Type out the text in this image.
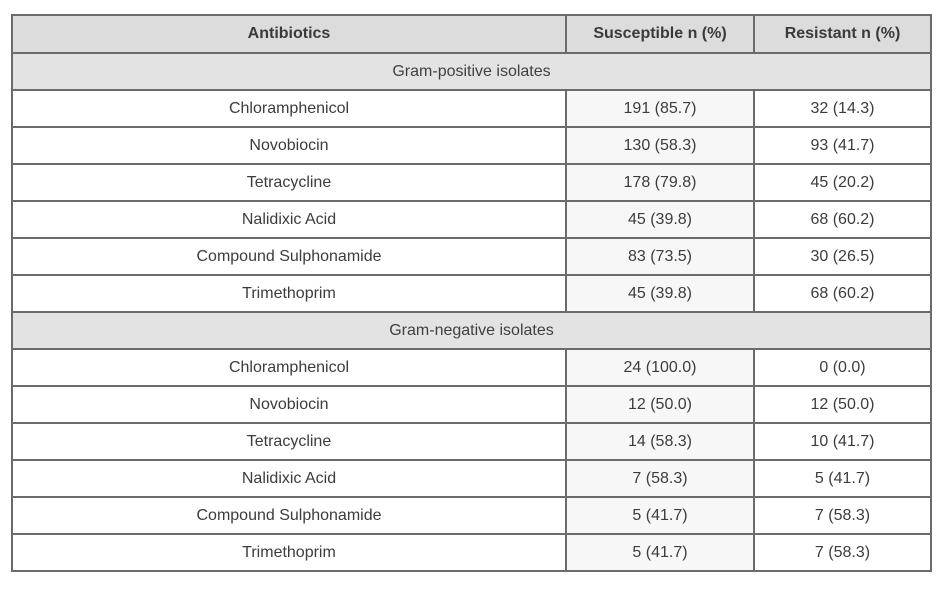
Antibiotics	Susceptible n (%)	Resistant n (%)
Gram-positive isolates		
Chloramphenicol	191 (85.7)	32 (14.3)
Novobiocin	130 (58.3)	93 (41.7)
Tetracycline	178 (79.8)	45 (20.2)
Nalidixic Acid	45 (39.8)	68 (60.2)
Compound Sulphonamide	83 (73.5)	30 (26.5)
Trimethoprim	45 (39.8)	68 (60.2)
Gram-negative isolates		
Chloramphenicol	24 (100.0)	0 (0.0)
Novobiocin	12 (50.0)	12 (50.0)
Tetracycline	14 (58.3)	10 (41.7)
Nalidixic Acid	7 (58.3)	5 (41.7)
Compound Sulphonamide	5 (41.7)	7 (58.3)
Trimethoprim	5 (41.7)	7 (58.3)
